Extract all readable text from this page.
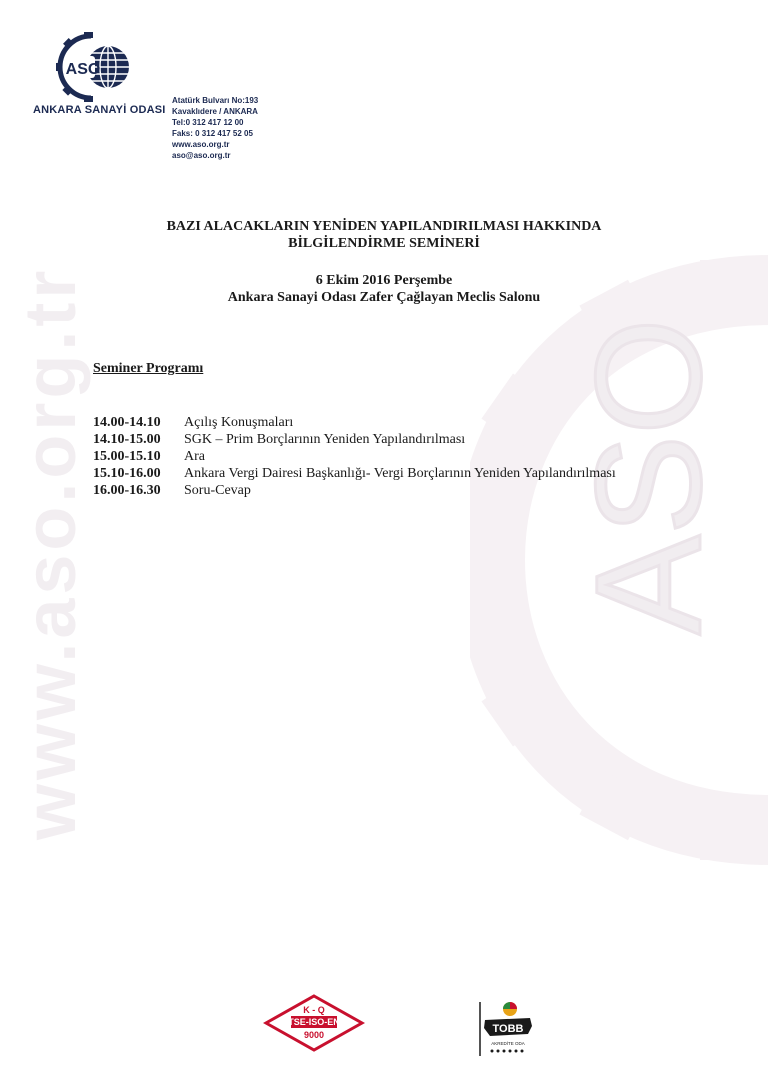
www.aso.org.tr	ASO
ASO
ANKARA SANAYİ ODASI
Atatürk Bulvarı No:193
Kavaklıdere / ANKARA
Tel:0 312 417 12 00
Faks: 0 312 417 52 05
www.aso.org.tr
aso@aso.org.tr
BAZI ALACAKLARIN YENİDEN YAPILANDIRILMASI HAKKINDA
BİLGİLENDİRME SEMİNERİ
6 Ekim 2016 Perşembe
Ankara Sanayi Odası Zafer Çağlayan Meclis Salonu
Seminer Programı
14.00-14.10	Açılış Konuşmaları
14.10-15.00	SGK – Prim Borçlarının Yeniden Yapılandırılması
15.00-15.10	Ara
15.10-16.00	Ankara Vergi Dairesi Başkanlığı- Vergi Borçlarının Yeniden Yapılandırılması
16.00-16.30	Soru-Cevap
K - Q
TSE-ISO-EN
9000	TOBB
AKREDİTE ODA
